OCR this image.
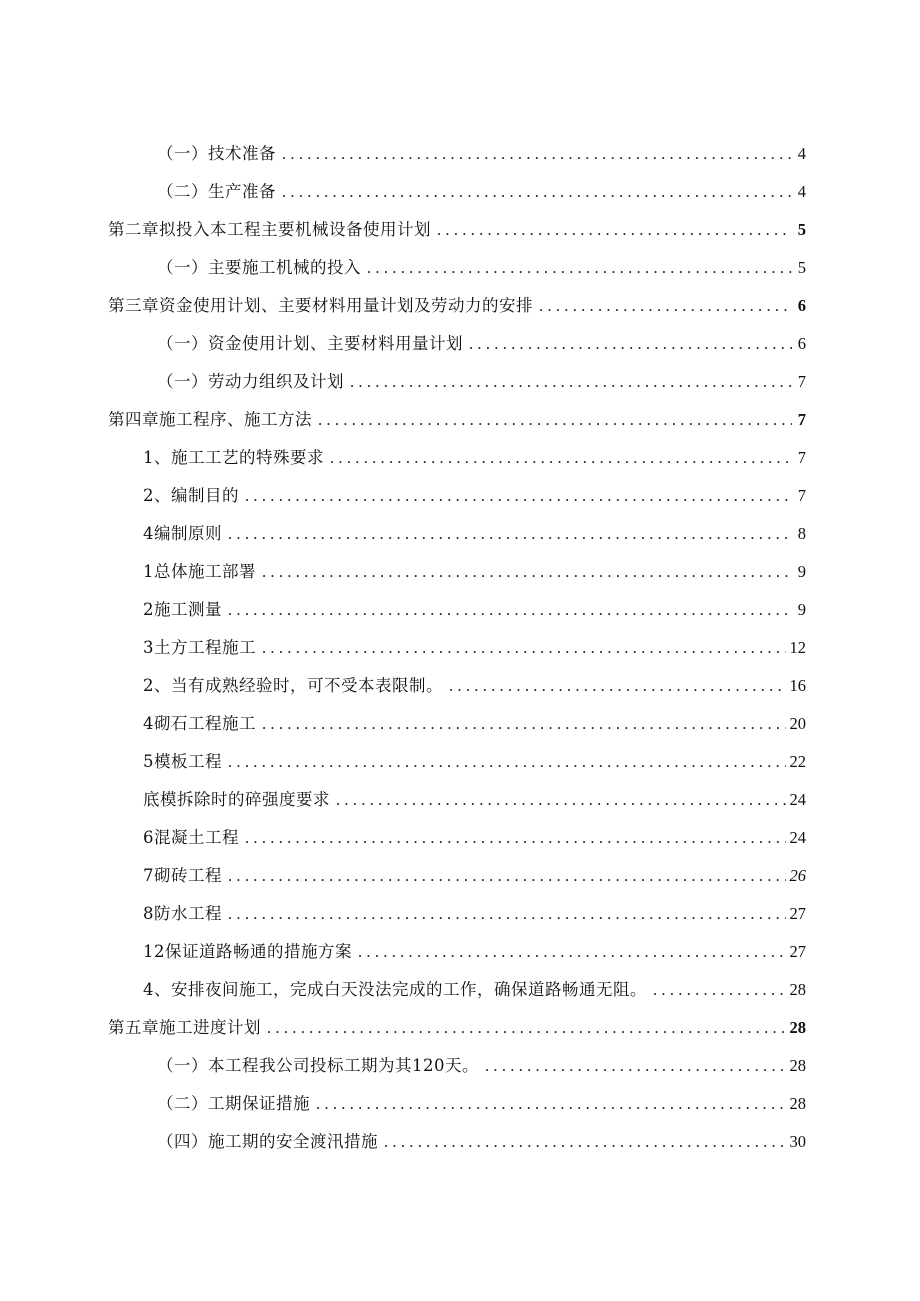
（一）技术准备 .....	4
（二）生产准备 .....	4
第二章拟投入本工程主要机械设备使用计划 .....	5
（一）主要施工机械的投入 .....	5
第三章资金使用计划、主要材料用量计划及劳动力的安排 .....	6
（一）资金使用计划、主要材料用量计划 .....	6
（一）劳动力组织及计划 .....	7
第四章施工程序、施工方法 .....	7
1、施工工艺的特殊要求 .....	7
2、编制目的 .....	7
4编制原则 .....	8
1总体施工部署 .....	9
2施工测量 .....	9
3土方工程施工 .....	12
2、当有成熟经验时，可不受本表限制。 .....	16
4砌石工程施工 .....	20
5模板工程 .....	22
底模拆除时的碎强度要求 .....	24
6混凝土工程 .....	24
7砌砖工程 .....	26
8防水工程 .....	27
12保证道路畅通的措施方案 .....	27
4、安排夜间施工，完成白天没法完成的工作，确保道路畅通无阻。 .....	28
第五章施工进度计划 .....	28
（一）本工程我公司投标工期为其120天。 .....	28
（二）工期保证措施 .....	28
（四）施工期的安全渡汛措施 .....	30
